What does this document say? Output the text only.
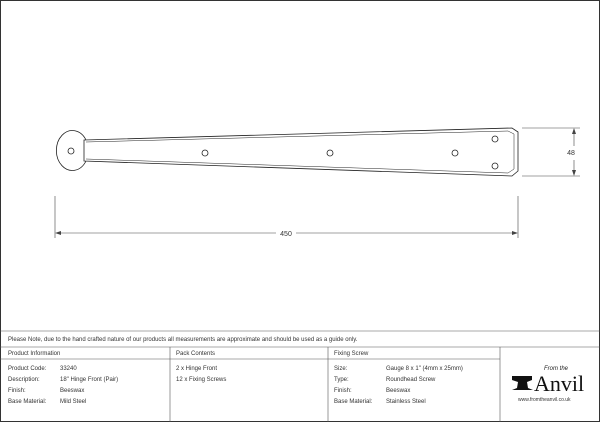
450
48
Please Note, due to the hand crafted nature of our products all measurements are approximate and should be used as a guide only.
Product Information
Product Code: 33240
Description:	18" Hinge Front (Pair)
Finish:	Beeswax
Base Material: Mild Steel
Pack Contents
2 x Hinge Front
12 x Fixing Screws
Fixing Screw
Size:	Gauge 8 x 1" (4mm x 25mm)
Type:	Roundhead Screw
Finish:	Beeswax
Base Material: Stainless Steel
From the
Anvil
www.fromtheanvil.co.uk
